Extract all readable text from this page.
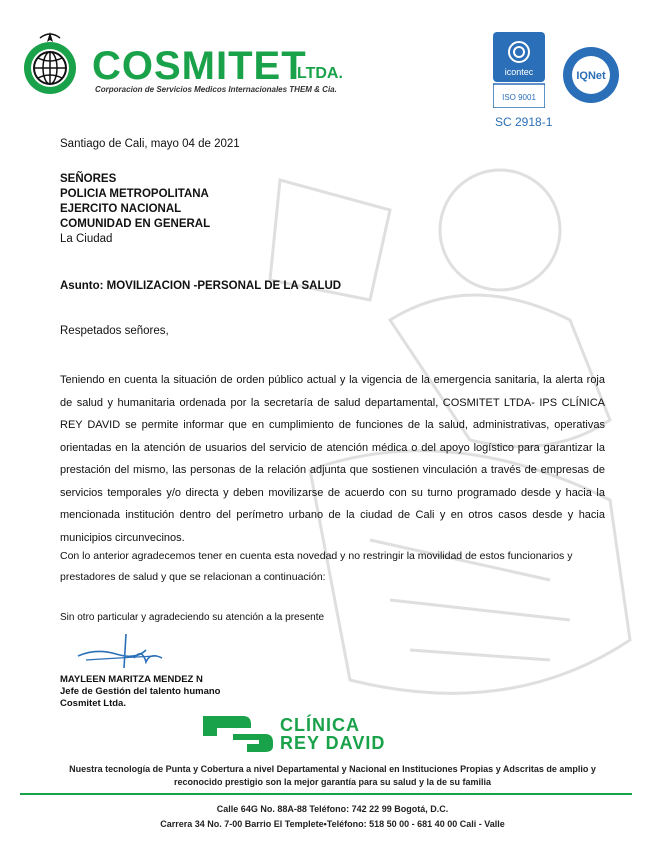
COSMITET
LTDA.
Corporacion de Servicios Medicos Internacionales THEM & Cia.
icontec
ISO 9001
IQNet
SC 2918-1
Santiago de Cali, mayo 04 de 2021
SEÑORES
POLICIA METROPOLITANA
EJERCITO NACIONAL
COMUNIDAD EN GENERAL
La Ciudad
Asunto: MOVILIZACION -PERSONAL DE LA SALUD
Respetados señores,
Teniendo en cuenta la situación de orden público actual y la vigencia de la emergencia sanitaria, la alerta roja de salud y humanitaria ordenada por la secretaría de salud departamental, COSMITET LTDA- IPS CLÍNICA REY DAVID se permite informar que en cumplimiento de funciones de la salud, administrativas, operativas orientadas en la atención de usuarios del servicio de atención médica o del apoyo logístico para garantizar la prestación del mismo, las personas de la relación adjunta que sostienen vinculación a través de empresas de servicios temporales y/o directa y deben movilizarse de acuerdo con su turno programado desde y hacia la mencionada institución dentro del perímetro urbano de la ciudad de Cali y en otros casos desde y hacia municipios circunvecinos.
Con lo anterior agradecemos tener en cuenta esta novedad y no restringir la movilidad de estos funcionarios y prestadores de salud y que se relacionan a continuación:
Sin otro particular y agradeciendo su atención a la presente
MAYLEEN MARITZA MENDEZ N
Jefe de Gestión del talento humano
Cosmitet Ltda.
CLÍNICA
REY DAVID
Nuestra tecnología de Punta y Cobertura a nivel Departamental y Nacional en Instituciones Propias y Adscritas de amplio y reconocido prestigio son la mejor garantía para su salud y la de su familia
Calle 64G No. 88A-88 Teléfono: 742 22 99 Bogotá, D.C.
Carrera 34 No. 7-00 Barrio El Templete•Teléfono: 518 50 00 - 681 40 00 Cali - Valle
